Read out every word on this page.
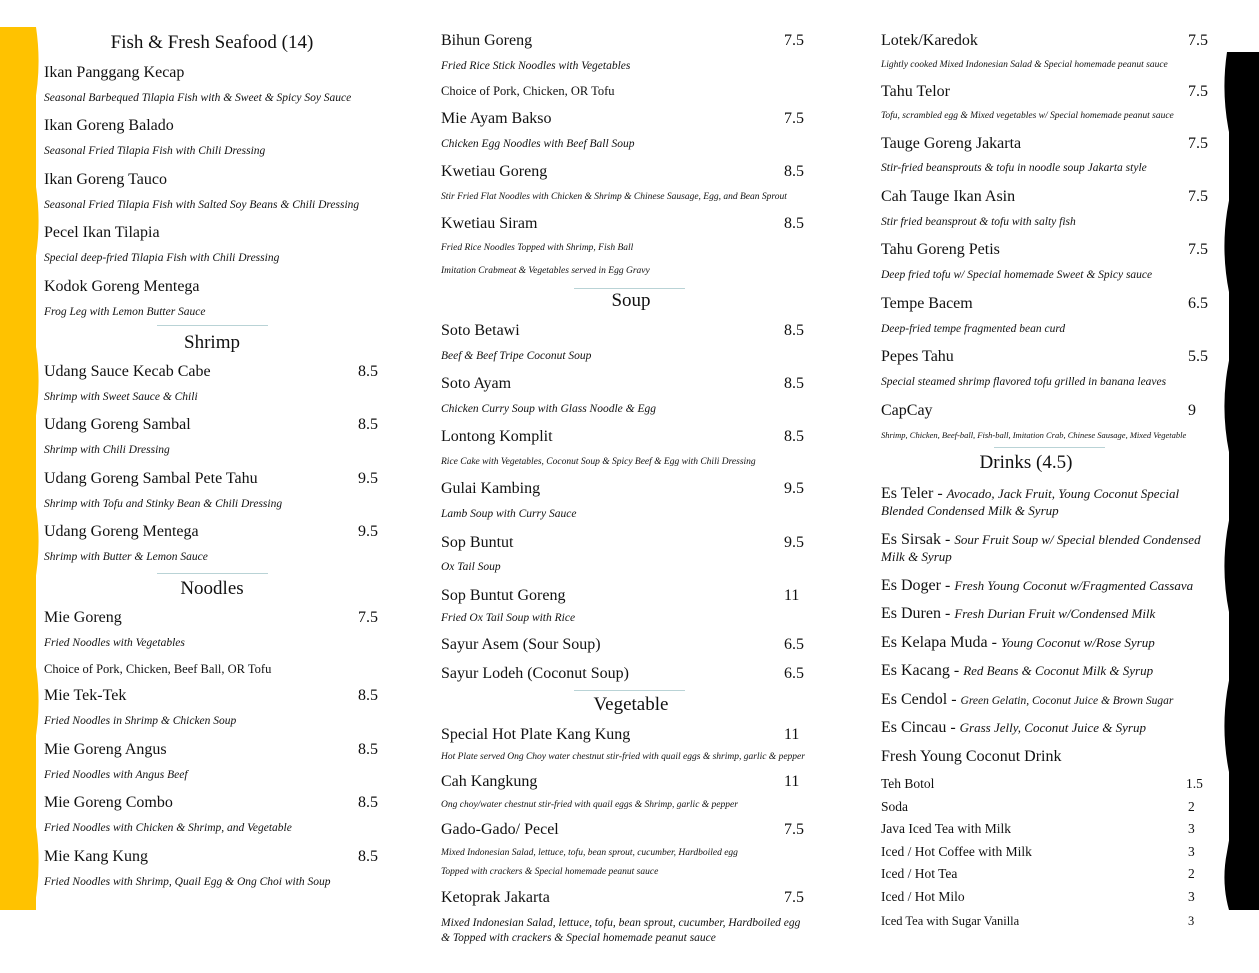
Fish & Fresh Seafood (14)
Ikan Panggang Kecap
Seasonal Barbequed Tilapia Fish with & Sweet & Spicy Soy Sauce
Ikan Goreng Balado
Seasonal Fried Tilapia Fish with Chili Dressing
Ikan Goreng Tauco
Seasonal Fried Tilapia Fish with Salted Soy Beans & Chili Dressing
Pecel Ikan Tilapia
Special deep-fried Tilapia Fish with Chili Dressing
Kodok Goreng Mentega
Frog Leg with Lemon Butter Sauce
Shrimp
Udang Sauce Kecab Cabe	8.5
Shrimp with Sweet Sauce & Chili
Udang Goreng Sambal	8.5
Shrimp with Chili Dressing
Udang Goreng Sambal Pete Tahu	9.5
Shrimp with Tofu and Stinky Bean & Chili Dressing
Udang Goreng Mentega	9.5
Shrimp with Butter & Lemon Sauce
Noodles
Mie Goreng	7.5
Fried Noodles with Vegetables
Choice of Pork, Chicken, Beef Ball, OR Tofu
Mie Tek-Tek	8.5
Fried Noodles in Shrimp & Chicken Soup
Mie Goreng Angus	8.5
Fried Noodles with Angus Beef
Mie Goreng Combo	8.5
Fried Noodles with Chicken & Shrimp, and Vegetable
Mie Kang Kung	8.5
Fried Noodles with Shrimp, Quail Egg & Ong Choi with Soup
Bihun Goreng	7.5
Fried Rice Stick Noodles with Vegetables
Choice of Pork, Chicken, OR Tofu
Mie Ayam Bakso	7.5
Chicken Egg Noodles with Beef Ball Soup
Kwetiau Goreng	8.5
Stir Fried Flat Noodles with Chicken & Shrimp & Chinese Sausage, Egg, and Bean Sprout
Kwetiau Siram	8.5
Fried Rice Noodles Topped with Shrimp, Fish Ball
Imitation Crabmeat & Vegetables served in Egg Gravy
Soup
Soto Betawi	8.5
Beef & Beef Tripe Coconut Soup
Soto Ayam	8.5
Chicken Curry Soup with Glass Noodle & Egg
Lontong Komplit	8.5
Rice Cake with Vegetables, Coconut Soup & Spicy Beef & Egg with Chili Dressing
Gulai Kambing	9.5
Lamb Soup with Curry Sauce
Sop Buntut	9.5
Ox Tail Soup
Sop Buntut Goreng	11
Fried Ox Tail Soup with Rice
Sayur Asem (Sour Soup)	6.5
Sayur Lodeh (Coconut Soup)	6.5
Vegetable
Special Hot Plate Kang Kung	11
Hot Plate served Ong Choy water chestnut stir-fried with quail eggs & shrimp, garlic & pepper
Cah Kangkung	11
Ong choy/water chestnut stir-fried with quail eggs & Shrimp, garlic & pepper
Gado-Gado/ Pecel	7.5
Mixed Indonesian Salad, lettuce, tofu, bean sprout, cucumber, Hardboiled egg
Topped with crackers & Special homemade peanut sauce
Ketoprak Jakarta	7.5
Mixed Indonesian Salad, lettuce, tofu, bean sprout, cucumber, Hardboiled egg
& Topped with crackers & Special homemade peanut sauce
Lotek/Karedok	7.5
Lightly cooked Mixed Indonesian Salad & Special homemade peanut sauce
Tahu Telor	7.5
Tofu, scrambled egg & Mixed vegetables w/ Special homemade peanut sauce
Tauge Goreng Jakarta	7.5
Stir-fried beansprouts & tofu in noodle soup Jakarta style
Cah Tauge Ikan Asin	7.5
Stir fried beansprout & tofu with salty fish
Tahu Goreng Petis	7.5
Deep fried tofu w/ Special homemade Sweet & Spicy sauce
Tempe Bacem	6.5
Deep-fried tempe fragmented bean curd
Pepes Tahu	5.5
Special steamed shrimp flavored tofu grilled in banana leaves
CapCay	9
Shrimp, Chicken, Beef-ball, Fish-ball, Imitation Crab, Chinese Sausage, Mixed Vegetable
Drinks (4.5)
Es Teler - Avocado, Jack Fruit, Young Coconut Special Blended Condensed Milk & Syrup
Es Sirsak - Sour Fruit Soup w/ Special blended Condensed Milk & Syrup
Es Doger - Fresh Young Coconut w/Fragmented Cassava
Es Duren - Fresh Durian Fruit w/Condensed Milk
Es Kelapa Muda - Young Coconut w/Rose Syrup
Es Kacang - Red Beans & Coconut Milk & Syrup
Es Cendol - Green Gelatin, Coconut Juice & Brown Sugar
Es Cincau - Grass Jelly, Coconut Juice & Syrup
Fresh Young Coconut Drink
Teh Botol	1.5
Soda	2
Java Iced Tea with Milk	3
Iced / Hot Coffee with Milk	3
Iced / Hot Tea	2
Iced / Hot Milo	3
Iced Tea with Sugar Vanilla	3
